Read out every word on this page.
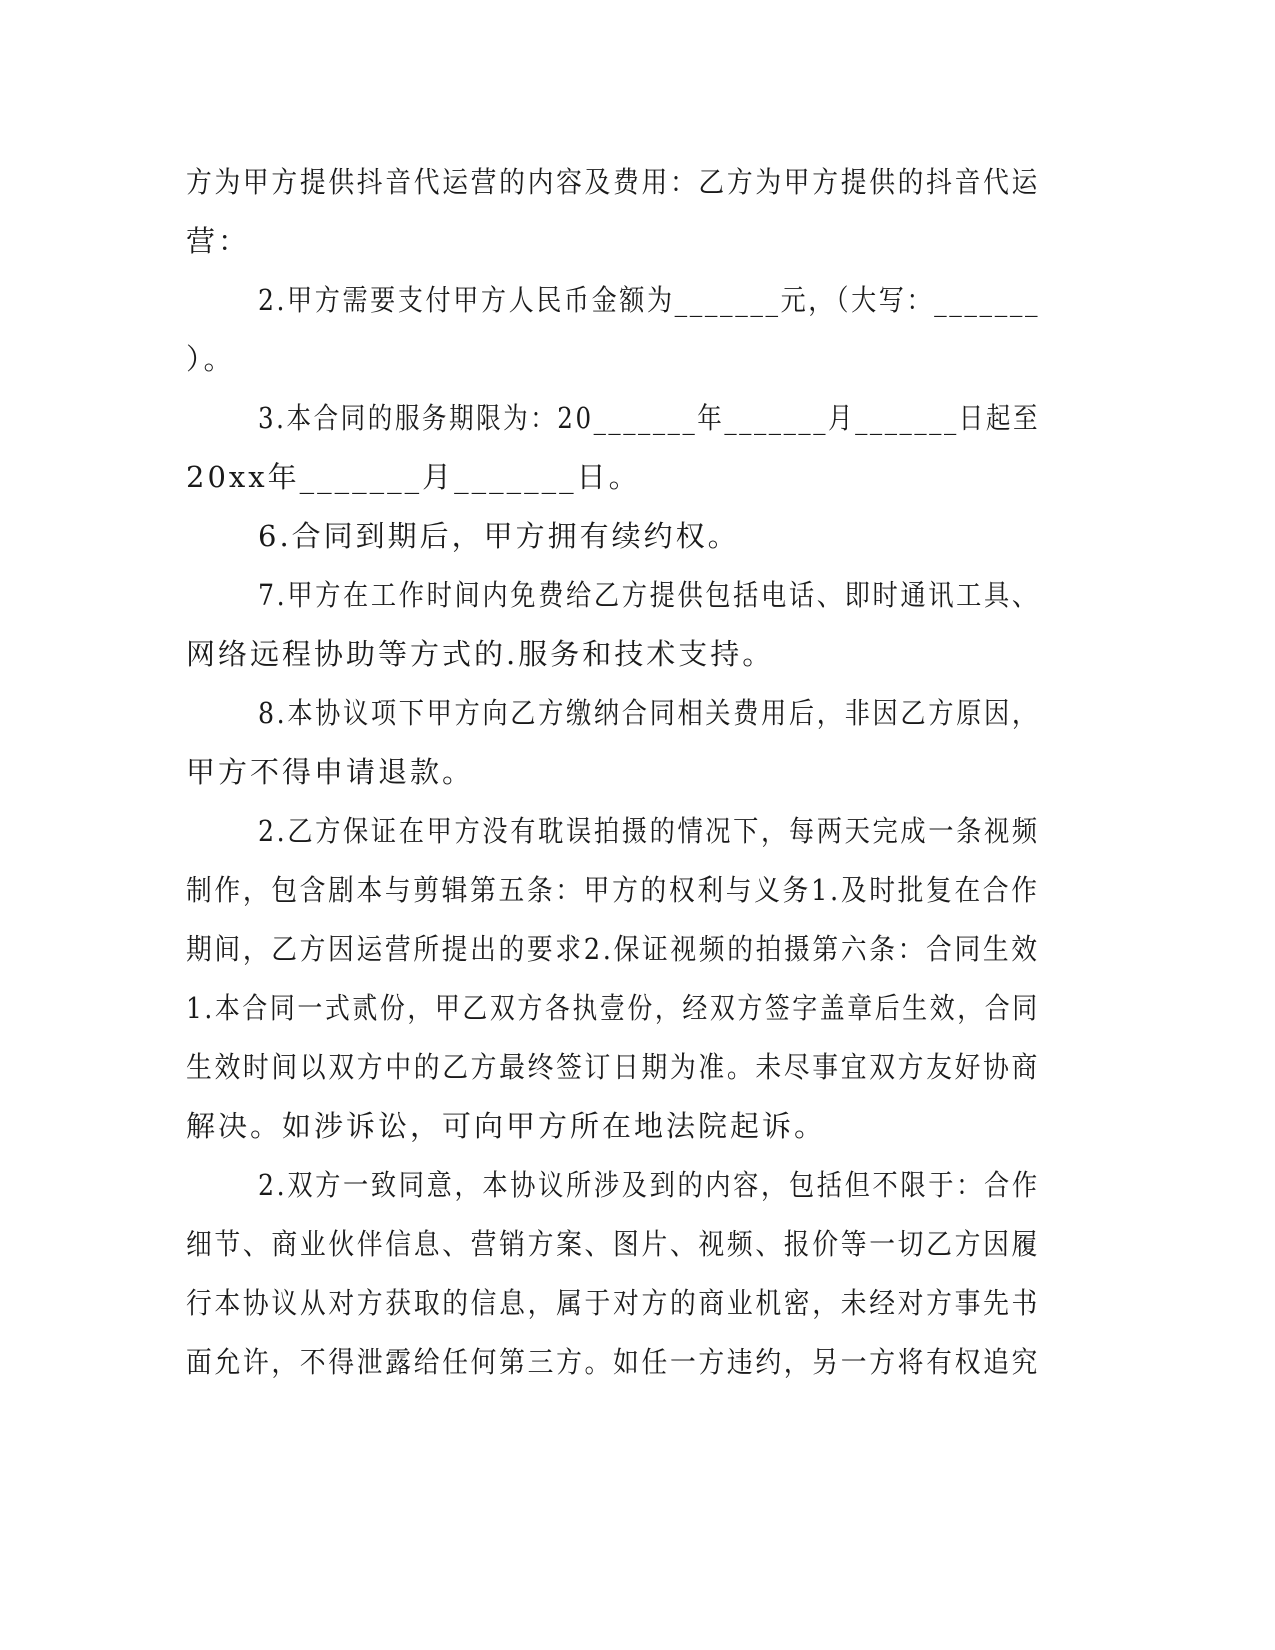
方为甲方提供抖音代运营的内容及费用：乙方为甲方提供的抖音代运
营：
2.甲方需要支付甲方人民币金额为_______元，（大写：_______
）。
3.本合同的服务期限为：20_______年_______月_______日起至
20xx年_______月_______日。
6.合同到期后，甲方拥有续约权。
7.甲方在工作时间内免费给乙方提供包括电话、即时通讯工具、
网络远程协助等方式的.服务和技术支持。
8.本协议项下甲方向乙方缴纳合同相关费用后，非因乙方原因，
甲方不得申请退款。
2.乙方保证在甲方没有耽误拍摄的情况下，每两天完成一条视频
制作，包含剧本与剪辑第五条：甲方的权利与义务1.及时批复在合作
期间，乙方因运营所提出的要求2.保证视频的拍摄第六条：合同生效
1.本合同一式贰份，甲乙双方各执壹份，经双方签字盖章后生效，合同
生效时间以双方中的乙方最终签订日期为准。未尽事宜双方友好协商
解决。如涉诉讼，可向甲方所在地法院起诉。
2.双方一致同意，本协议所涉及到的内容，包括但不限于：合作
细节、商业伙伴信息、营销方案、图片、视频、报价等一切乙方因履
行本协议从对方获取的信息，属于对方的商业机密，未经对方事先书
面允许，不得泄露给任何第三方。如任一方违约，另一方将有权追究
